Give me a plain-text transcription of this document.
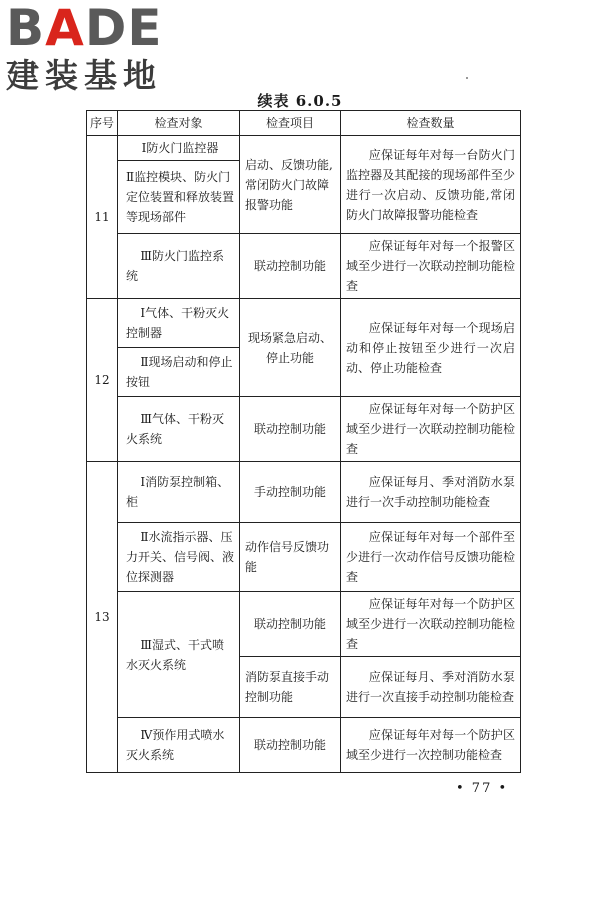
B A DE
建装基地
续表 6.0.5
序号	检查对象	检查项目	检查数量
11	Ⅰ防火门监控器	启动、反馈功能,常闭防火门故障报警功能	应保证每年对每一台防火门监控器及其配接的现场部件至少进行一次启动、反馈功能,常闭防火门故障报警功能检查
	Ⅱ监控模块、防火门定位装置和释放装置等现场部件		
	Ⅲ防火门监控系统	联动控制功能	应保证每年对每一个报警区域至少进行一次联动控制功能检查
12	Ⅰ气体、干粉灭火控制器	现场紧急启动、停止功能	应保证每年对每一个现场启动和停止按钮至少进行一次启动、停止功能检查
	Ⅱ现场启动和停止按钮		
	Ⅲ气体、干粉灭火系统	联动控制功能	应保证每年对每一个防护区域至少进行一次联动控制功能检查
13	Ⅰ消防泵控制箱、柜	手动控制功能	应保证每月、季对消防水泵进行一次手动控制功能检查
	Ⅱ水流指示器、压力开关、信号阀、液位探测器	动作信号反馈功能	应保证每年对每一个部件至少进行一次动作信号反馈功能检查
	Ⅲ湿式、干式喷水灭火系统	联动控制功能	应保证每年对每一个防护区域至少进行一次联动控制功能检查
		消防泵直接手动控制功能	应保证每月、季对消防水泵进行一次直接手动控制功能检查
	Ⅳ预作用式喷水灭火系统	联动控制功能	应保证每年对每一个防护区域至少进行一次控制功能检查
• 77 •
